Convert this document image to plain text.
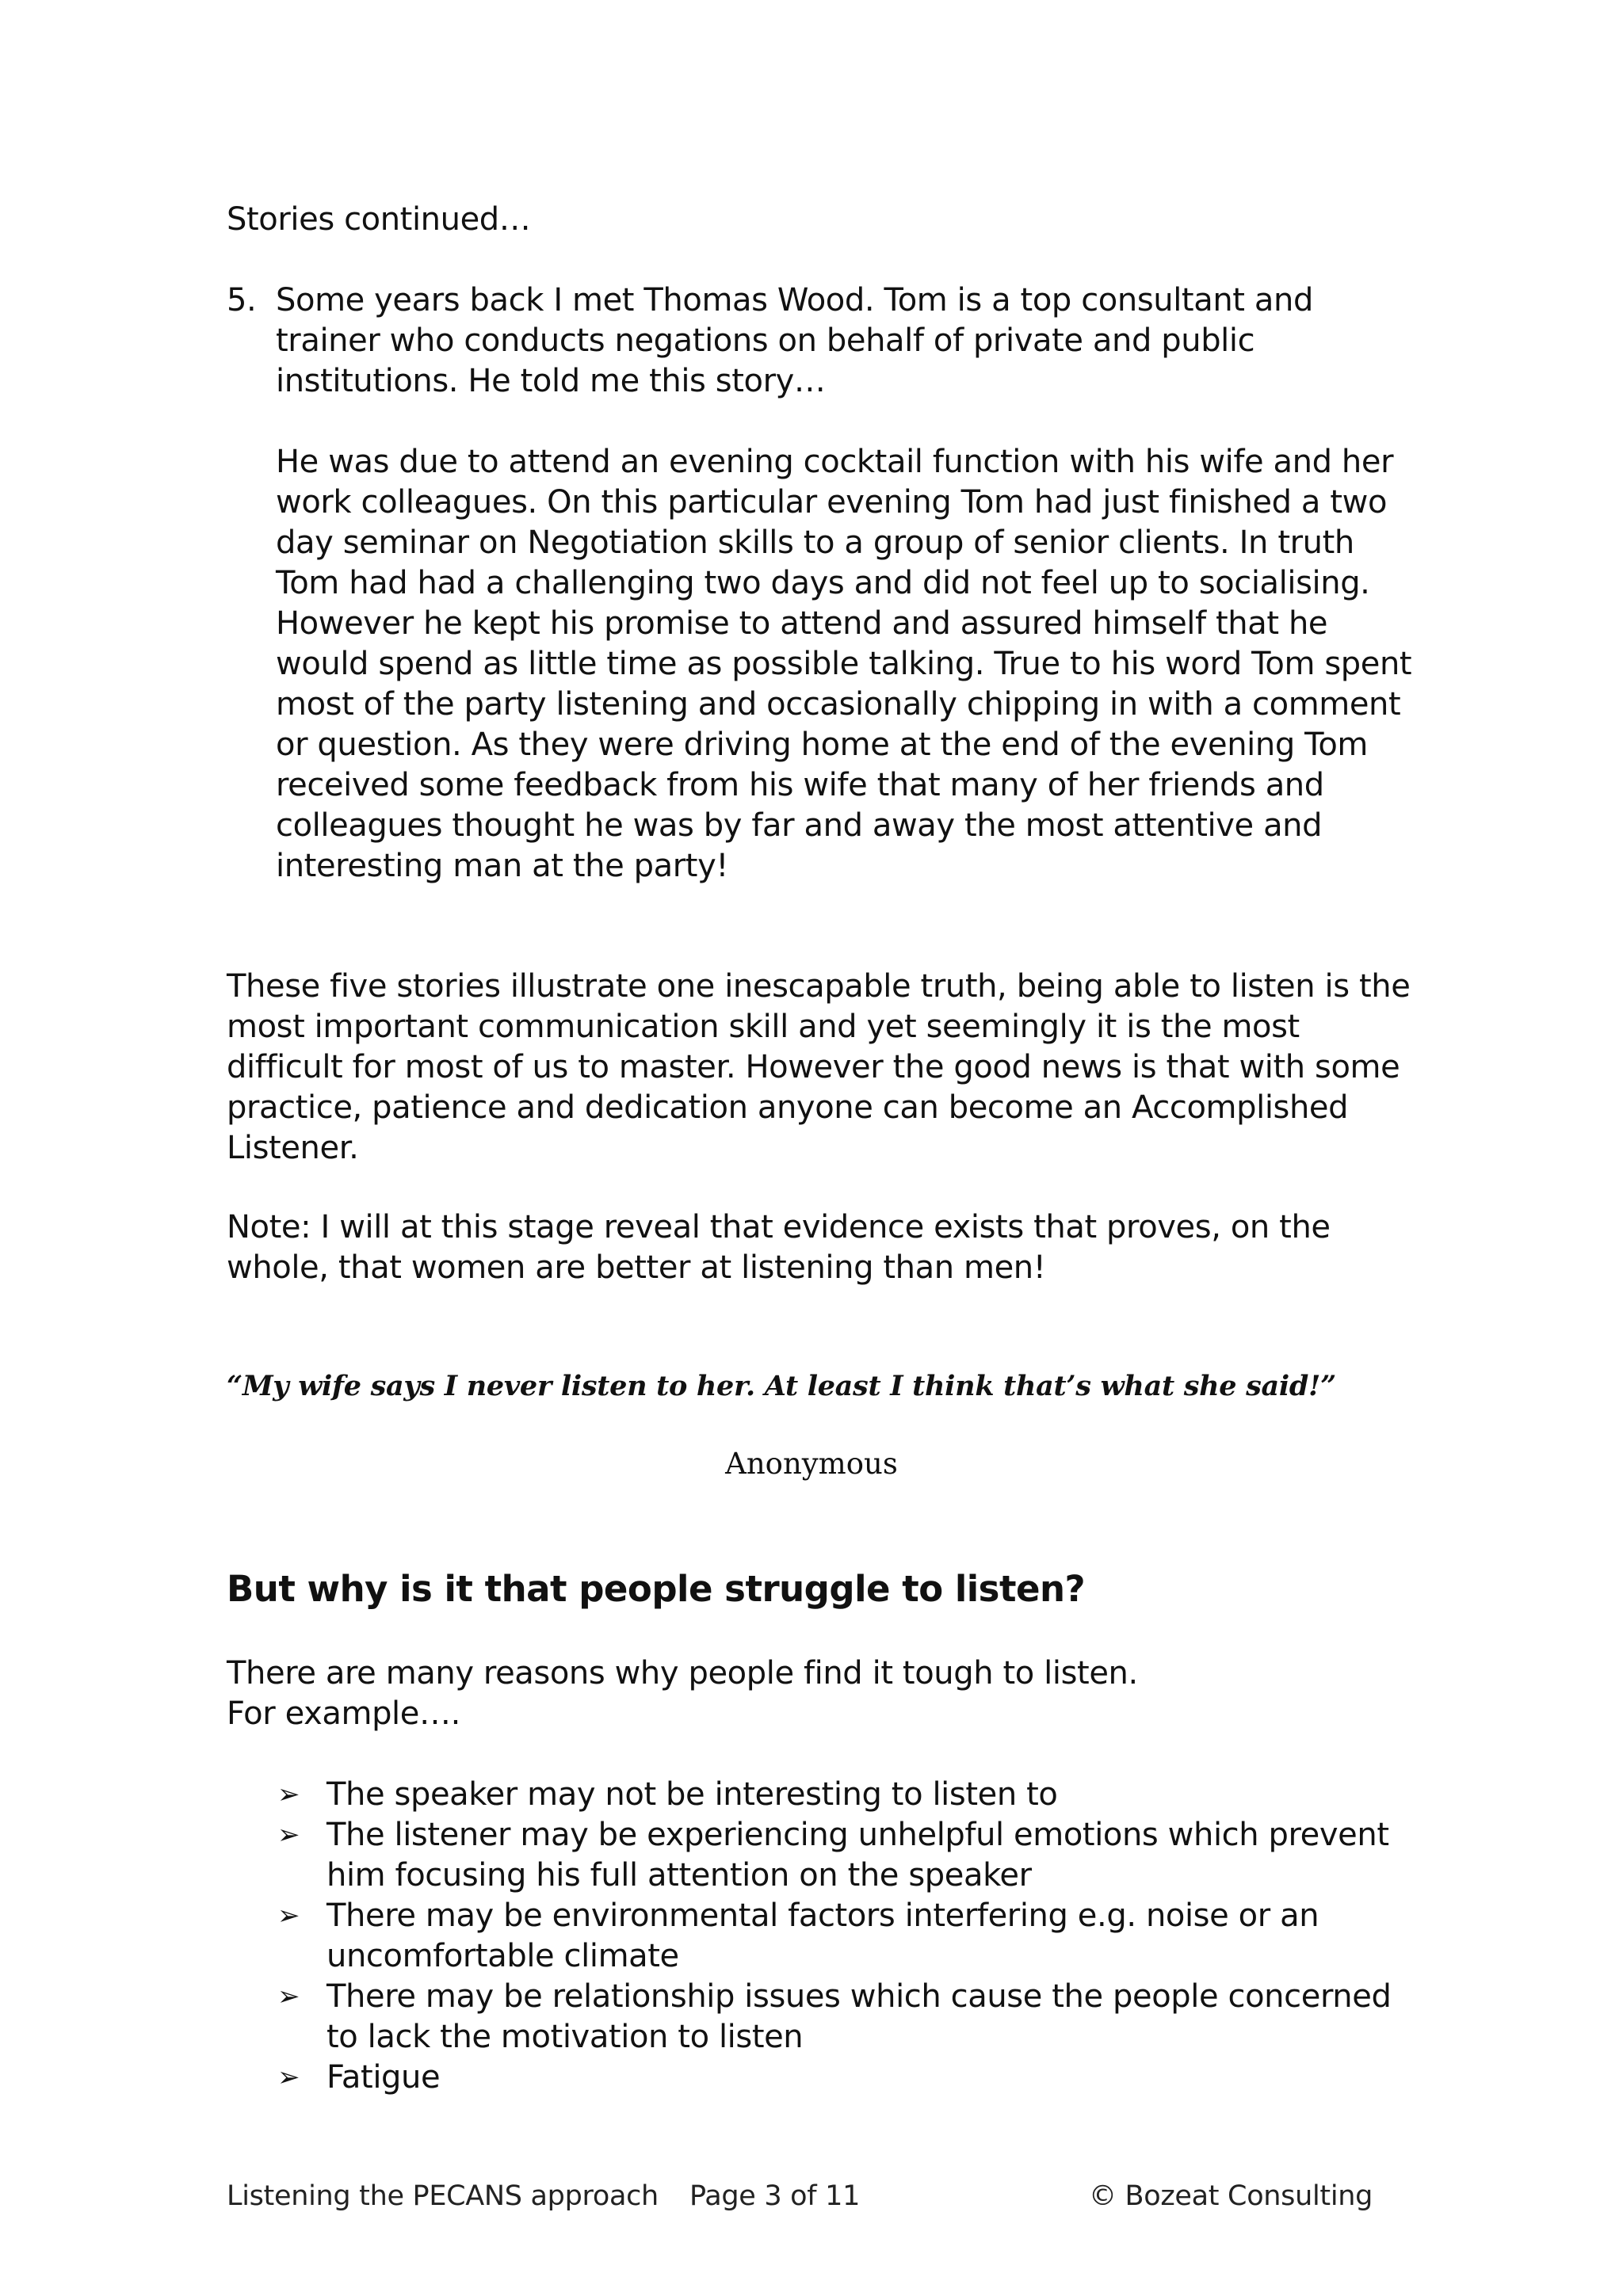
Stories continued…

5. Some years back I met Thomas Wood. Tom is a top consultant and trainer who conducts negations on behalf of private and public institutions. He told me this story…

He was due to attend an evening cocktail function with his wife and her work colleagues. On this particular evening Tom had just finished a two day seminar on Negotiation skills to a group of senior clients. In truth Tom had had a challenging two days and did not feel up to socialising. However he kept his promise to attend and assured himself that he would spend as little time as possible talking. True to his word Tom spent most of the party listening and occasionally chipping in with a comment or question. As they were driving home at the end of the evening Tom received some feedback from his wife that many of her friends and colleagues thought he was by far and away the most attentive and interesting man at the party!

These five stories illustrate one inescapable truth, being able to listen is the most important communication skill and yet seemingly it is the most difficult for most of us to master. However the good news is that with some practice, patience and dedication anyone can become an Accomplished Listener.

Note: I will at this stage reveal that evidence exists that proves, on the whole, that women are better at listening than men!

“My wife says I never listen to her. At least I think that’s what she said!”
Anonymous
But why is it that people struggle to listen?

There are many reasons why people find it tough to listen.
For example….

➢ The speaker may not be interesting to listen to
➢ The listener may be experiencing unhelpful emotions which prevent him focusing his full attention on the speaker
➢ There may be environmental factors interfering e.g. noise or an uncomfortable climate
➢ There may be relationship issues which cause the people concerned to lack the motivation to listen
➢ Fatigue
Listening the PECANS approach Page 3 of 11	© Bozeat Consulting
